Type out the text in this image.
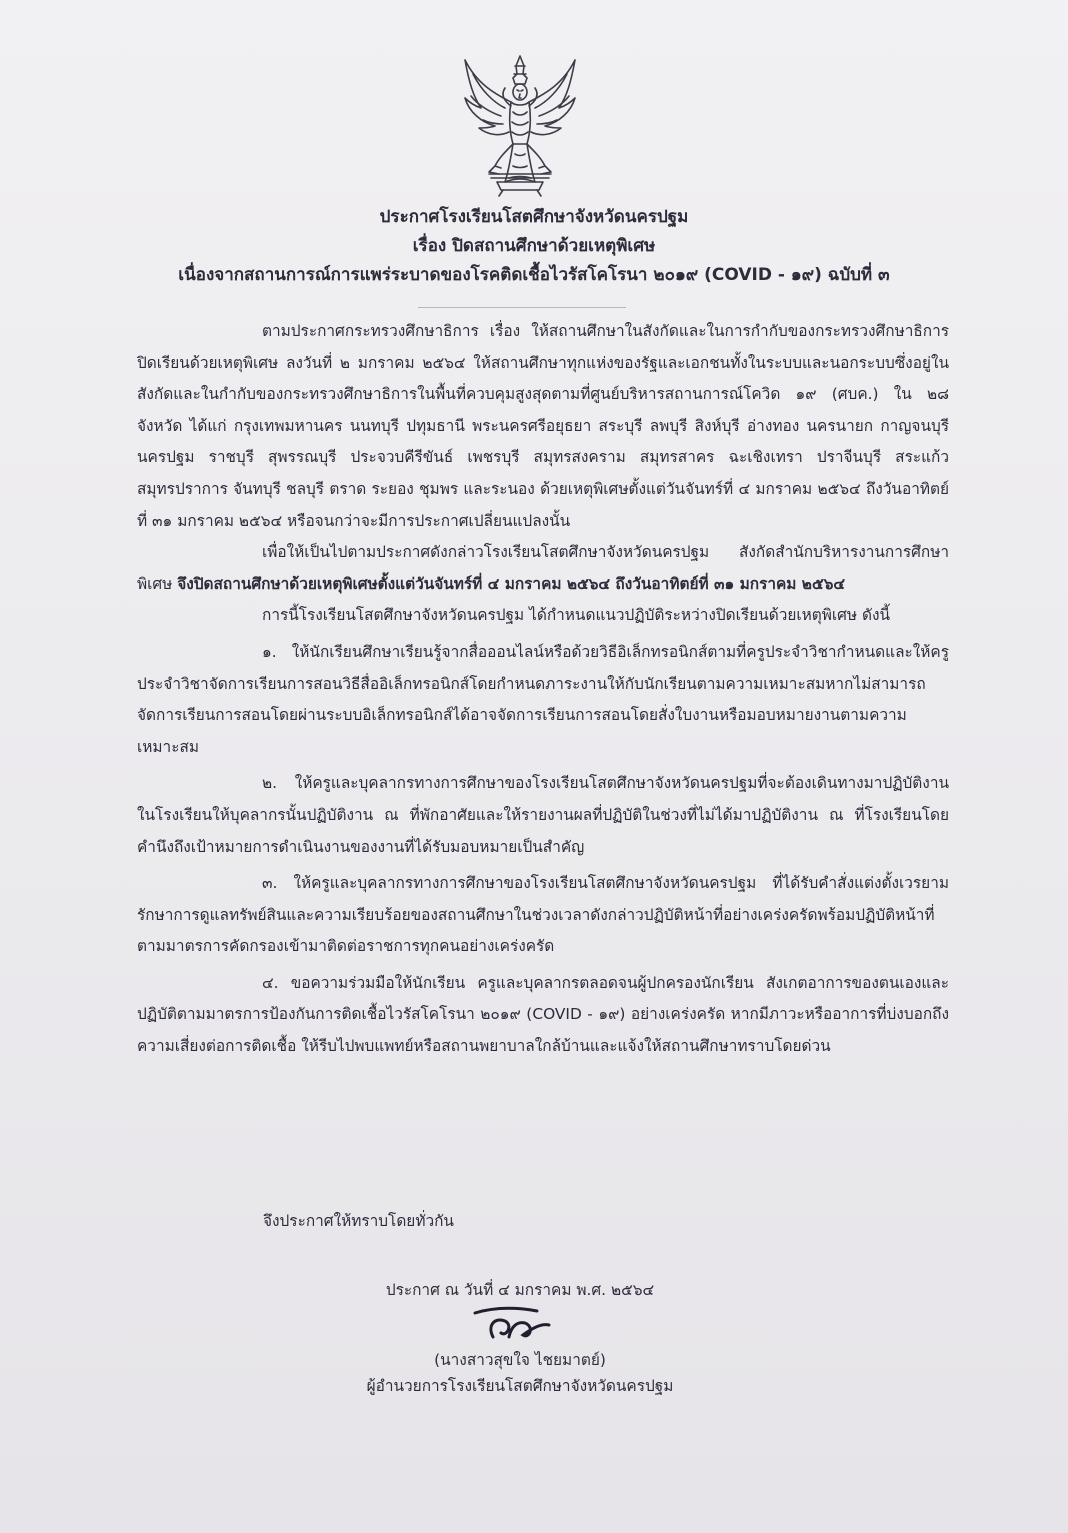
ประกาศโรงเรียนโสตศึกษาจังหวัดนครปฐม
เรื่อง ปิดสถานศึกษาด้วยเหตุพิเศษ
เนื่องจากสถานการณ์การแพร่ระบาดของโรคติดเชื้อไวรัสโคโรนา ๒๐๑๙ (COVID - ๑๙) ฉบับที่ ๓

ตามประกาศกระทรวงศึกษาธิการ เรื่อง ให้สถานศึกษาในสังกัดและในการกำกับของกระทรวงศึกษาธิการปิดเรียนด้วยเหตุพิเศษ ลงวันที่ ๒ มกราคม ๒๕๖๔ ให้สถานศึกษาทุกแห่งของรัฐและเอกชนทั้งในระบบและนอกระบบซึ่งอยู่ในสังกัดและในกำกับของกระทรวงศึกษาธิการในพื้นที่ควบคุมสูงสุดตามที่ศูนย์บริหารสถานการณ์โควิด ๑๙ (ศบค.) ใน ๒๘ จังหวัด ได้แก่ กรุงเทพมหานคร นนทบุรี ปทุมธานี พระนครศรีอยุธยา สระบุรี ลพบุรี สิงห์บุรี อ่างทอง นครนายก กาญจนบุรี นครปฐม ราชบุรี สุพรรณบุรี ประจวบคีรีขันธ์ เพชรบุรี สมุทรสงคราม สมุทรสาคร ฉะเชิงเทรา ปราจีนบุรี สระแก้ว สมุทรปราการ จันทบุรี ชลบุรี ตราด ระยอง ชุมพร และระนอง ด้วยเหตุพิเศษตั้งแต่วันจันทร์ที่ ๔ มกราคม ๒๕๖๔ ถึงวันอาทิตย์ที่ ๓๑ มกราคม ๒๕๖๔ หรือจนกว่าจะมีการประกาศเปลี่ยนแปลงนั้น

เพื่อให้เป็นไปตามประกาศดังกล่าวโรงเรียนโสตศึกษาจังหวัดนครปฐม สังกัดสำนักบริหารงานการศึกษาพิเศษ จึงปิดสถานศึกษาด้วยเหตุพิเศษตั้งแต่วันจันทร์ที่ ๔ มกราคม ๒๕๖๔ ถึงวันอาทิตย์ที่ ๓๑ มกราคม ๒๕๖๔

การนี้โรงเรียนโสตศึกษาจังหวัดนครปฐม ได้กำหนดแนวปฏิบัติระหว่างปิดเรียนด้วยเหตุพิเศษ ดังนี้

๑. ให้นักเรียนศึกษาเรียนรู้จากสื่อออนไลน์หรือด้วยวิธีอิเล็กทรอนิกส์ตามที่ครูประจำวิชากำหนดและให้ครูประจำวิชาจัดการเรียนการสอนวิธีสื่ออิเล็กทรอนิกส์โดยกำหนดภาระงานให้กับนักเรียนตามความเหมาะสมหากไม่สามารถจัดการเรียนการสอนโดยผ่านระบบอิเล็กทรอนิกส์ได้อาจจัดการเรียนการสอนโดยสั่งใบงานหรือมอบหมายงานตามความเหมาะสม

๒. ให้ครูและบุคลากรทางการศึกษาของโรงเรียนโสตศึกษาจังหวัดนครปฐมที่จะต้องเดินทางมาปฏิบัติงานในโรงเรียนให้บุคลากรนั้นปฏิบัติงาน ณ ที่พักอาศัยและให้รายงานผลที่ปฏิบัติในช่วงที่ไม่ได้มาปฏิบัติงาน ณ ที่โรงเรียนโดยคำนึงถึงเป้าหมายการดำเนินงานของงานที่ได้รับมอบหมายเป็นสำคัญ

๓. ให้ครูและบุคลากรทางการศึกษาของโรงเรียนโสตศึกษาจังหวัดนครปฐม ที่ได้รับคำสั่งแต่งตั้งเวรยามรักษาการดูแลทรัพย์สินและความเรียบร้อยของสถานศึกษาในช่วงเวลาดังกล่าวปฏิบัติหน้าที่อย่างเคร่งครัดพร้อมปฏิบัติหน้าที่ตามมาตรการคัดกรองเข้ามาติดต่อราชการทุกคนอย่างเคร่งครัด

๔. ขอความร่วมมือให้นักเรียน ครูและบุคลากรตลอดจนผู้ปกครองนักเรียน สังเกตอาการของตนเองและปฏิบัติตามมาตรการป้องกันการติดเชื้อไวรัสโคโรนา ๒๐๑๙ (COVID - ๑๙) อย่างเคร่งครัด หากมีภาวะหรืออาการที่บ่งบอกถึงความเสี่ยงต่อการติดเชื้อ ให้รีบไปพบแพทย์หรือสถานพยาบาลใกล้บ้านและแจ้งให้สถานศึกษาทราบโดยด่วน

จึงประกาศให้ทราบโดยทั่วกัน
ประกาศ ณ วันที่ ๔ มกราคม พ.ศ. ๒๕๖๔
(นางสาวสุขใจ ไชยมาตย์)
ผู้อำนวยการโรงเรียนโสตศึกษาจังหวัดนครปฐม
